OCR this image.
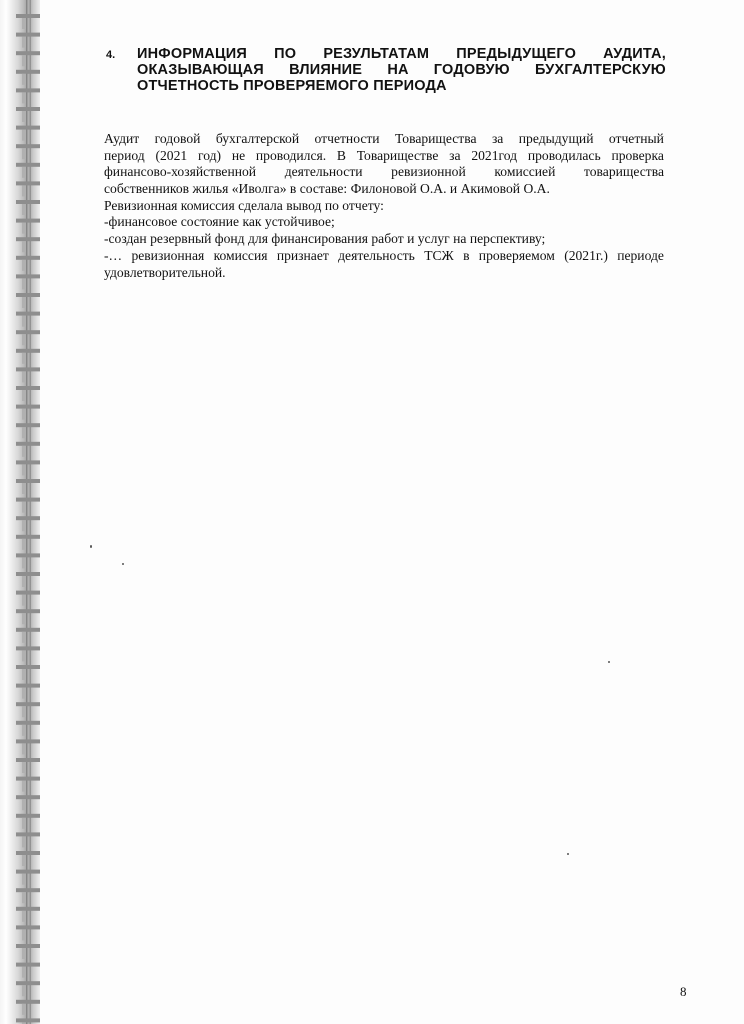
4. ИНФОРМАЦИЯ ПО РЕЗУЛЬТАТАМ ПРЕДЫДУЩЕГО АУДИТА,
ОКАЗЫВАЮЩАЯ ВЛИЯНИЕ НА ГОДОВУЮ БУХГАЛТЕРСКУЮ
ОТЧЕТНОСТЬ ПРОВЕРЯЕМОГО ПЕРИОДА
Аудит годовой бухгалтерской отчетности Товарищества за предыдущий отчетный
период (2021 год) не проводился. В Товариществе за 2021год проводилась проверка
финансово-хозяйственной деятельности ревизионной комиссией товарищества
собственников жилья «Иволга» в составе: Филоновой О.А. и Акимовой О.А.
Ревизионная комиссия сделала вывод по отчету:
-финансовое состояние как устойчивое;
-создан резервный фонд для финансирования работ и услуг на перспективу;
-… ревизионная комиссия признает деятельность ТСЖ в проверяемом (2021г.) периоде
удовлетворительной.
8
